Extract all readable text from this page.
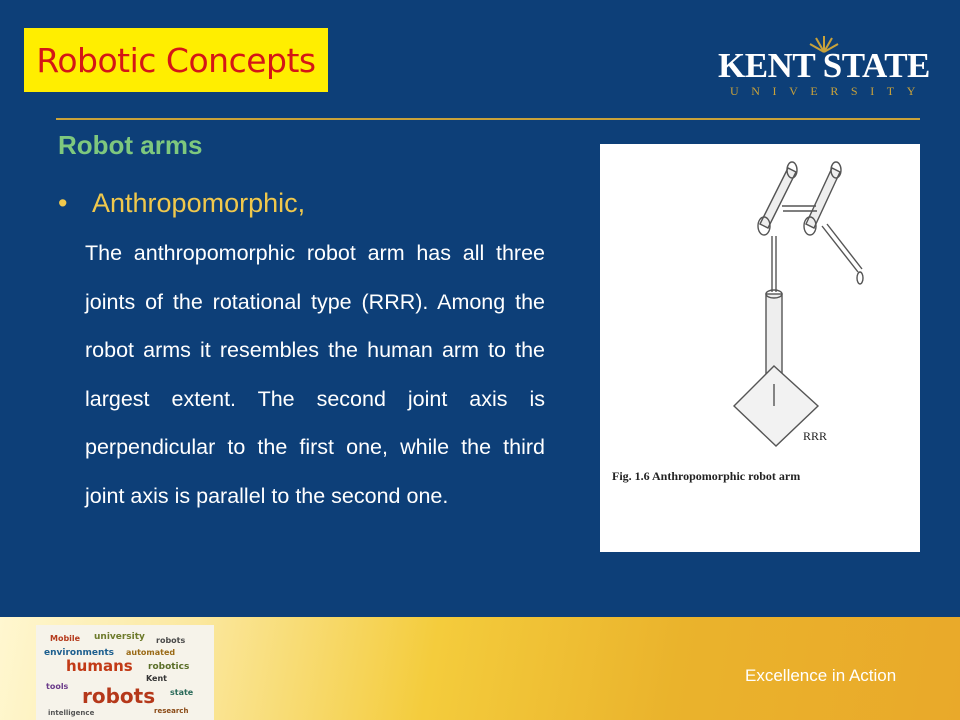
Robotic Concepts	KENT STATE
UNIVERSITY
Robot arms
• Anthropomorphic,
The anthropomorphic robot arm has all three joints of the rotational type (RRR). Among the robot arms it resembles the human arm to the largest extent. The second joint axis is perpendicular to the first one, while the third joint axis is parallel to the second one.
RRR
Fig. 1.6 Anthropomorphic robot arm
Mobile university robots
environments automated
humans robotics
Kent
robots
tools
state
intelligence	research
Excellence in Action
